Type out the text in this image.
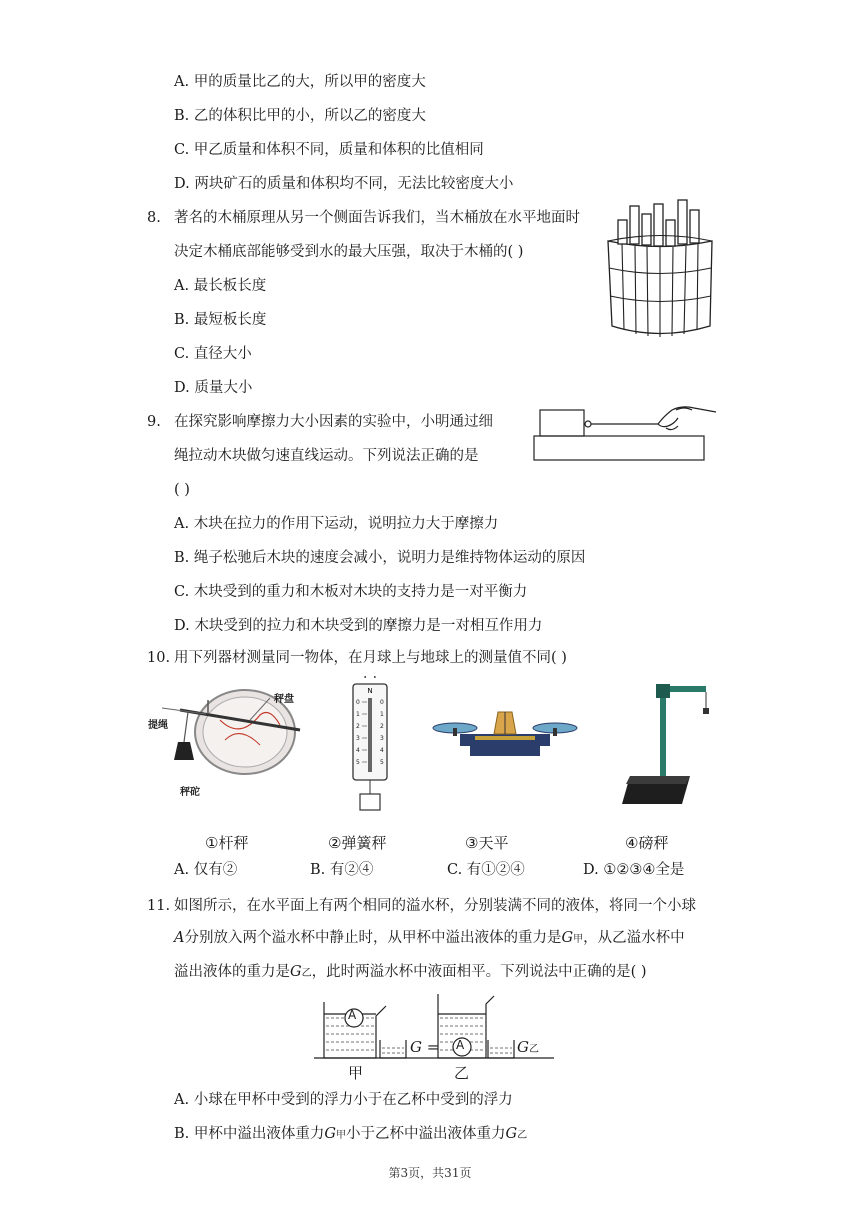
A. 甲的质量比乙的大，所以甲的密度大
B. 乙的体积比甲的小，所以乙的密度大
C. 甲乙质量和体积不同，质量和体积的比值相同
D. 两块矿石的质量和体积均不同，无法比较密度大小
8. 著名的木桶原理从另一个侧面告诉我们，当木桶放在水平地面时
决定木桶底部能够受到水的最大压强，取决于木桶的( )
A. 最长板长度
B. 最短板长度
C. 直径大小
D. 质量大小
9. 在探究影响摩擦力大小因素的实验中，小明通过细
绳拉动木块做匀速直线运动。下列说法正确的是
( )
A. 木块在拉力的作用下运动，说明拉力大于摩擦力
B. 绳子松驰后木块的速度会减小，说明力是维持物体运动的原因
C. 木块受到的重力和木板对木块的支持力是一对平衡力
D. 木块受到的拉力和木块受到的摩擦力是一对相互作用力
10. 用下列器材测量同一物体，在月球上与地球上的测量值不同( )
提绳
秤盘
秤砣
N
0
1
2
3
4
5
0
1
2
3
4
5
①杆秤	②弹簧秤	③天平	④磅秤
A. 仅有②	B. 有②④	C. 有①②④	D. ①②③④全是
11. 如图所示，在水平面上有两个相同的溢水杯，分别装满不同的液体，将同一个小球
A分别放入两个溢水杯中静止时，从甲杯中溢出液体的重力是G甲，从乙溢水杯中
溢出液体的重力是G乙，此时两溢水杯中液面相平。下列说法中正确的是( )
A
A
G =	G乙
甲	乙
A. 小球在甲杯中受到的浮力小于在乙杯中受到的浮力
B. 甲杯中溢出液体重力G甲小于乙杯中溢出液体重力G乙
第3页，共31页
